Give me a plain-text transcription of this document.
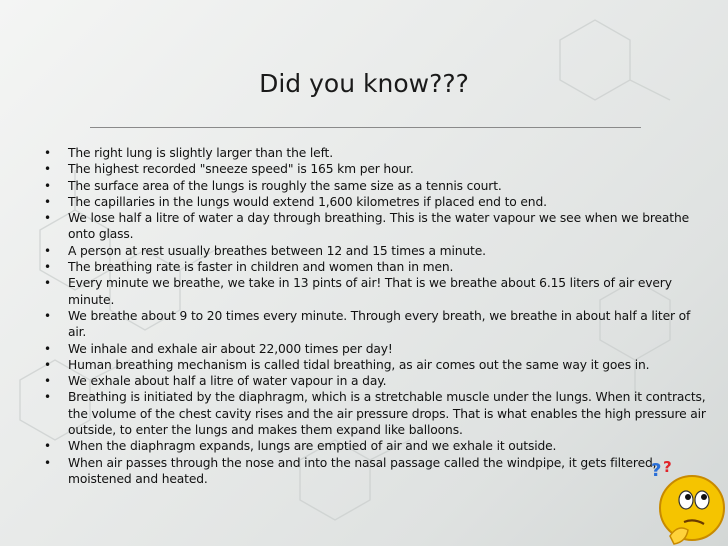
Did you know???
• The right lung is slightly larger than the left.
• The highest recorded "sneeze speed" is 165 km per hour.
• The surface area of the lungs is roughly the same size as a tennis court.
• The capillaries in the lungs would extend 1,600 kilometres if placed end to end.
• We lose half a litre of water a day through breathing. This is the water vapour we see when we breathe onto glass.
• A person at rest usually breathes between 12 and 15 times a minute.
• The breathing rate is faster in children and women than in men.
• Every minute we breathe, we take in 13 pints of air! That is we breathe about 6.15 liters of air every minute.
• We breathe about 9 to 20 times every minute. Through every breath, we breathe in about half a liter of air.
• We inhale and exhale air about 22,000 times per day!
• Human breathing mechanism is called tidal breathing, as air comes out the same way it goes in.
• We exhale about half a litre of water vapour in a day.
• Breathing is initiated by the diaphragm, which is a stretchable muscle under the lungs. When it contracts, the volume of the chest cavity rises and the air pressure drops. That is what enables the high pressure air outside, to enter the lungs and makes them expand like balloons.
• When the diaphragm expands, lungs are emptied of air and we exhale it outside.
• When air passes through the nose and into the nasal passage called the windpipe, it gets filtered, moistened and heated.	? ?
